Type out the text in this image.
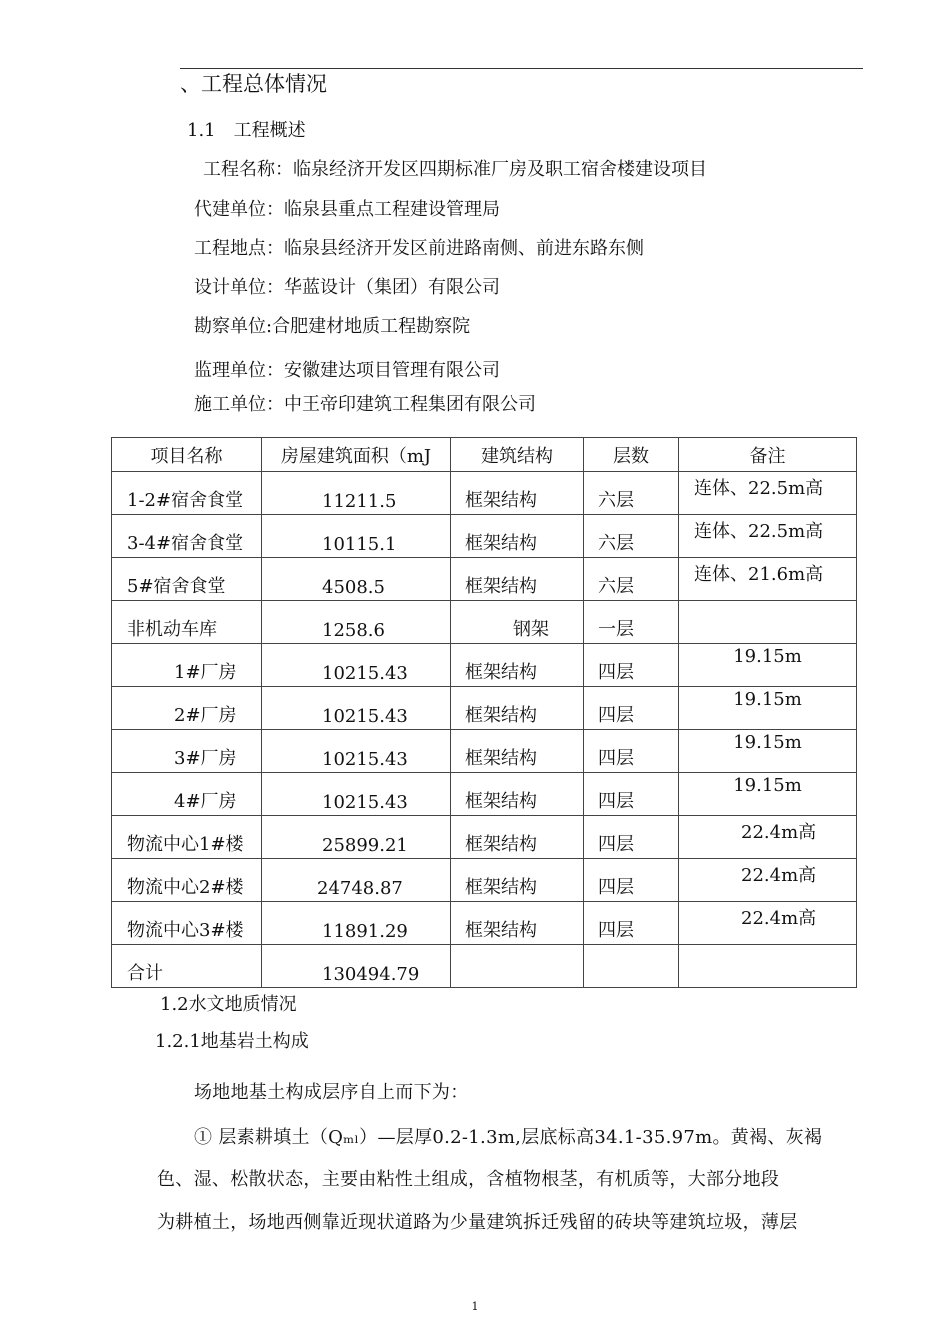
、工程总体情况
1.1　工程概述
工程名称：临泉经济开发区四期标准厂房及职工宿舍楼建设项目
代建单位：临泉县重点工程建设管理局
工程地点：临泉县经济开发区前进路南侧、前进东路东侧
设计单位：华蓝设计（集团）有限公司
勘察单位:合肥建材地质工程勘察院
监理单位：安徽建达项目管理有限公司
施工单位：中王帝印建筑工程集团有限公司
项目名称	房屋建筑面积（mJ	建筑结构	层数	备注

1-2#宿舍食堂	11211.5	框架结构	六层	连体、22.5m高

3-4#宿舍食堂	10115.1	框架结构	六层	连体、22.5m高

5#宿舍食堂	4508.5	框架结构	六层	连体、21.6m高

非机动车库	1258.6	钢架	一层	

1#厂房	10215.43	框架结构	四层	19.15m

2#厂房	10215.43	框架结构	四层	19.15m

3#厂房	10215.43	框架结构	四层	19.15m

4#厂房	10215.43	框架结构	四层	19.15m

物流中心1#楼	25899.21	框架结构	四层	22.4m高

物流中心2#楼	24748.87	框架结构	四层	22.4m高

物流中心3#楼	11891.29	框架结构	四层	22.4m高

合计	130494.79			

1.2水文地质情况
1.2.1地基岩土构成
场地地基土构成层序自上而下为：
① 层素耕填土（Qₘₗ）—层厚0.2-1.3m,层底标高34.1-35.97m。黄褐、灰褐
色、湿、松散状态，主要由粘性土组成，含植物根茎，有机质等，大部分地段
为耕植土，场地西侧靠近现状道路为少量建筑拆迁残留的砖块等建筑垃圾，薄层
1
